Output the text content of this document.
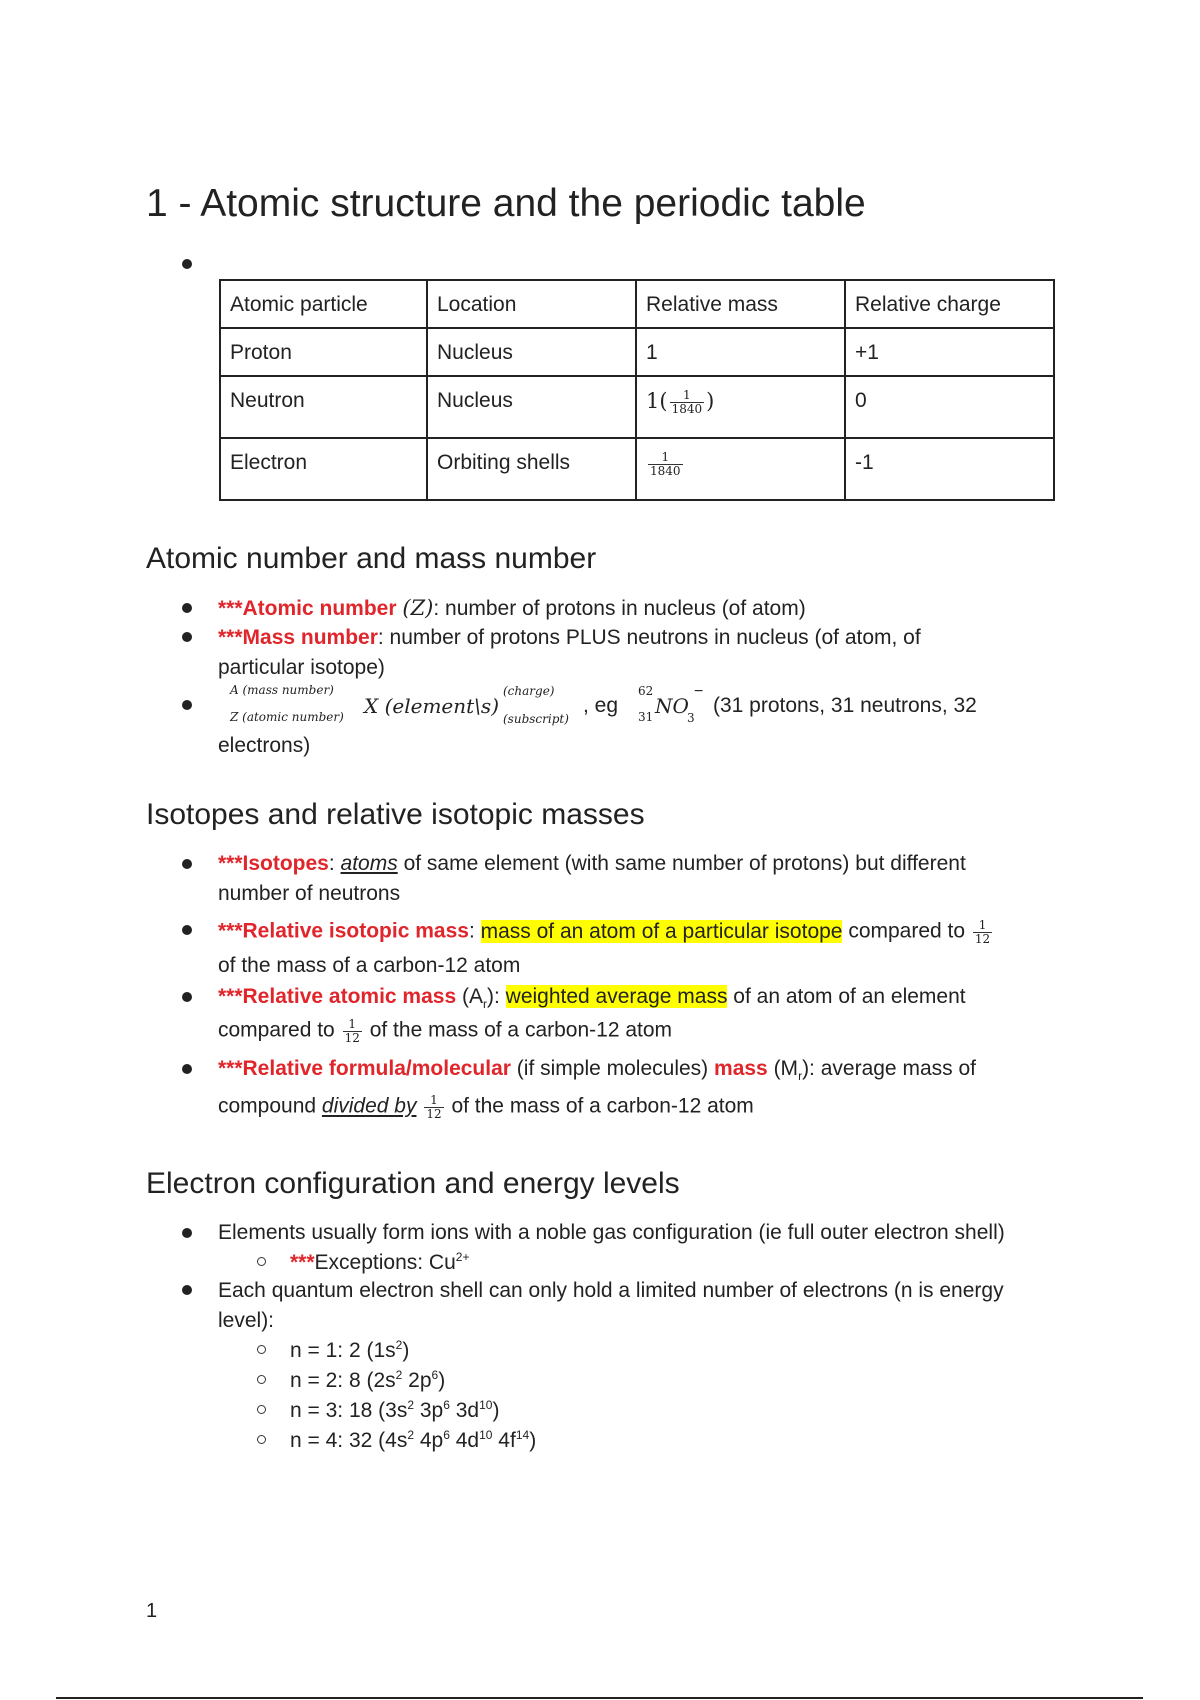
1 - Atomic structure and the periodic table
Atomic particle	Location	Relative mass	Relative charge
Proton	Nucleus	1	+1
Neutron	Nucleus	$1( \frac{1}{1840}$ )	0
Electron	Orbiting shells	$\frac{1}{1840}$	-1
Atomic number and mass number
***Atomic number (Z): number of protons in nucleus (of atom)
***Mass number: number of protons PLUS neutrons in nucleus (of atom, of
particular isotope)
A (mass number)
Z (atomic number) X (element\s)
(charge)
(subscript)
, eg
62
31 NO
3
−
(31 protons, 31 neutrons, 32
electrons)
Isotopes and relative isotopic masses
***Isotopes: atoms of same element (with same number of protons) but different
number of neutrons
***Relative isotopic mass: mass of an atom of a particular isotope compared to $\frac{1}{12}$
of the mass of a carbon-12 atom
***Relative atomic mass $(A_r)$: weighted average mass of an atom of an element
compared to $\frac{1}{12}$ of the mass of a carbon-12 atom
***Relative formula/molecular (if simple molecules) mass $(M_r)$: average mass of
compound divided by $\frac{1}{12}$ of the mass of a carbon-12 atom
Electron configuration and energy levels
Elements usually form ions with a noble gas configuration (ie full outer electron shell)
***Exceptions: $Cu^{2+}$
Each quantum electron shell can only hold a limited number of electrons (n is energy
level):
n = 1: 2 $(1s^2)$
n = 2: 8 ($2s^2$ $2p^6$)
n = 3: 18 ($3s^2$ $3p^6$ $3d^{10}$)
n = 4: 32 ($4s^2$ $4p^6$ $4d^{10}$ $4f^{14}$)
1
